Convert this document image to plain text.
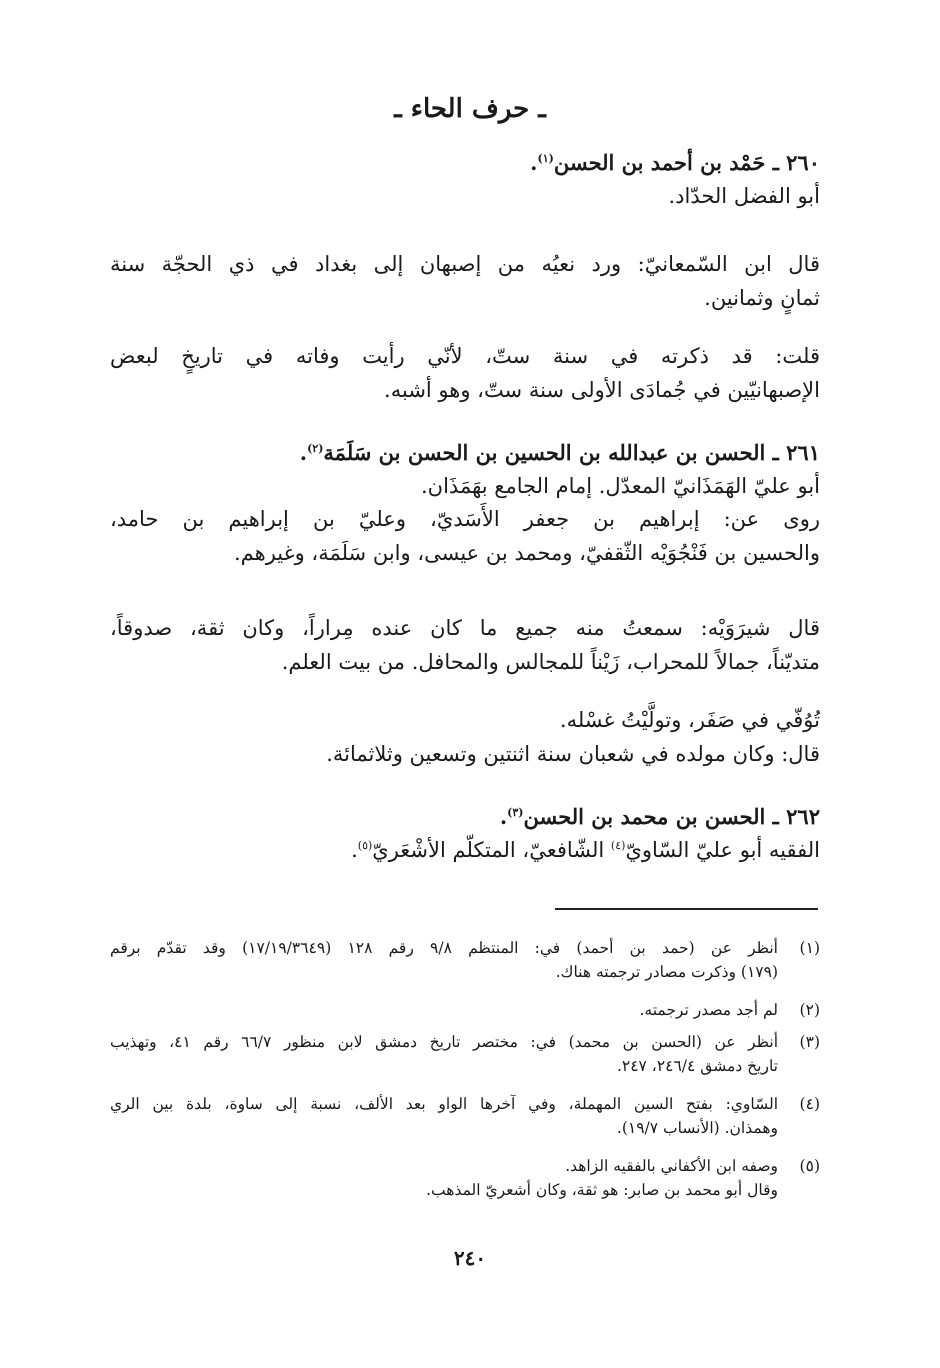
ـ حرف الحاء ـ
٢٦٠ ـ حَمْد بن أحمد بن الحسن$^{(١)}$.
أبو الفضل الحدّاد.
قال ابن السّمعانيّ: ورد نعيُه من إصبهان إلى بغداد في ذي الحجّة سنة
ثمانٍ وثمانين.
قلت: قد ذكرته في سنة ستّ، لأنّي رأيت وفاته في تاريخٍ لبعض
الإصبهانيّين في جُمادَى الأولى سنة ستّ، وهو أشبه.
٢٦١ ـ الحسن بن عبدالله بن الحسين بن الحسن بن سَلَمَة$^{(٢)}$.
أبو عليّ الهَمَذَانيّ المعدّل. إمام الجامع بهَمَذَان.
روى عن: إبراهيم بن جعفر الأَسَديّ، وعليّ بن إبراهيم بن حامد،
والحسين بن فَنْجُوَيْه الثّقفيّ، ومحمد بن عيسى، وابن سَلَمَة، وغيرهم.
قال شيرَوَيْه: سمعتُ منه جميع ما كان عنده مِراراً، وكان ثقة، صدوقاً،
متديّناً، جمالاً للمحراب، زَيْناً للمجالس والمحافل. من بيت العلم.
تُوُفّي في صَفَر، وتولَّيْتُ غسْله.
قال: وكان مولده في شعبان سنة اثنتين وتسعين وثلاثمائة.
٢٦٢ ـ الحسن بن محمد بن الحسن$^{(٣)}$.
الفقيه أبو عليّ السّاويّ$^{(٤)}$ الشّافعيّ، المتكلّم الأشْعَريّ$^{(٥)}$.
(١)
أنظر عن (حمد بن أحمد) في: المنتظم ٩/٨ رقم ١٢٨ (١٧/١٩/٣٦٤٩) وقد تقدّم برقم
(١٧٩) وذكرت مصادر ترجمته هناك.
(٢)
لم أجد مصدر ترجمته.
(٣)
أنظر عن (الحسن بن محمد) في: مختصر تاريخ دمشق لابن منظور ٦٦/٧ رقم ٤١، وتهذيب
تاريخ دمشق ٢٤٦/٤، ٢٤٧.
(٤)
السّاوي: بفتح السين المهملة، وفي آخرها الواو بعد الألف، نسبة إلى ساوة، بلدة بين الري
وهمذان. (الأنساب ١٩/٧).
(٥)
وصفه ابن الأكفاني بالفقيه الزاهد.
وقال أبو محمد بن صابر: هو ثقة، وكان أشعريّ المذهب.
٢٤٠
